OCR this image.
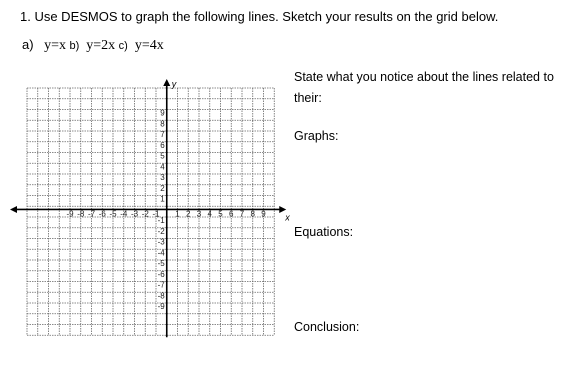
1. Use DESMOS to graph the following lines. Sketch your results on the grid below.
a) y=x b) y=2x c) y=4x
x
y
-9 -8 -7 -6 -5 -4 -3 -2 -1 1 2 3 4 5 6 7 8 9
9
8
7
6
5
4
3
2
1
-1
-2
-3
-4
-5
-6
-7
-8
-9
State what you notice about the lines related to their:
Graphs:
Equations:
Conclusion:
